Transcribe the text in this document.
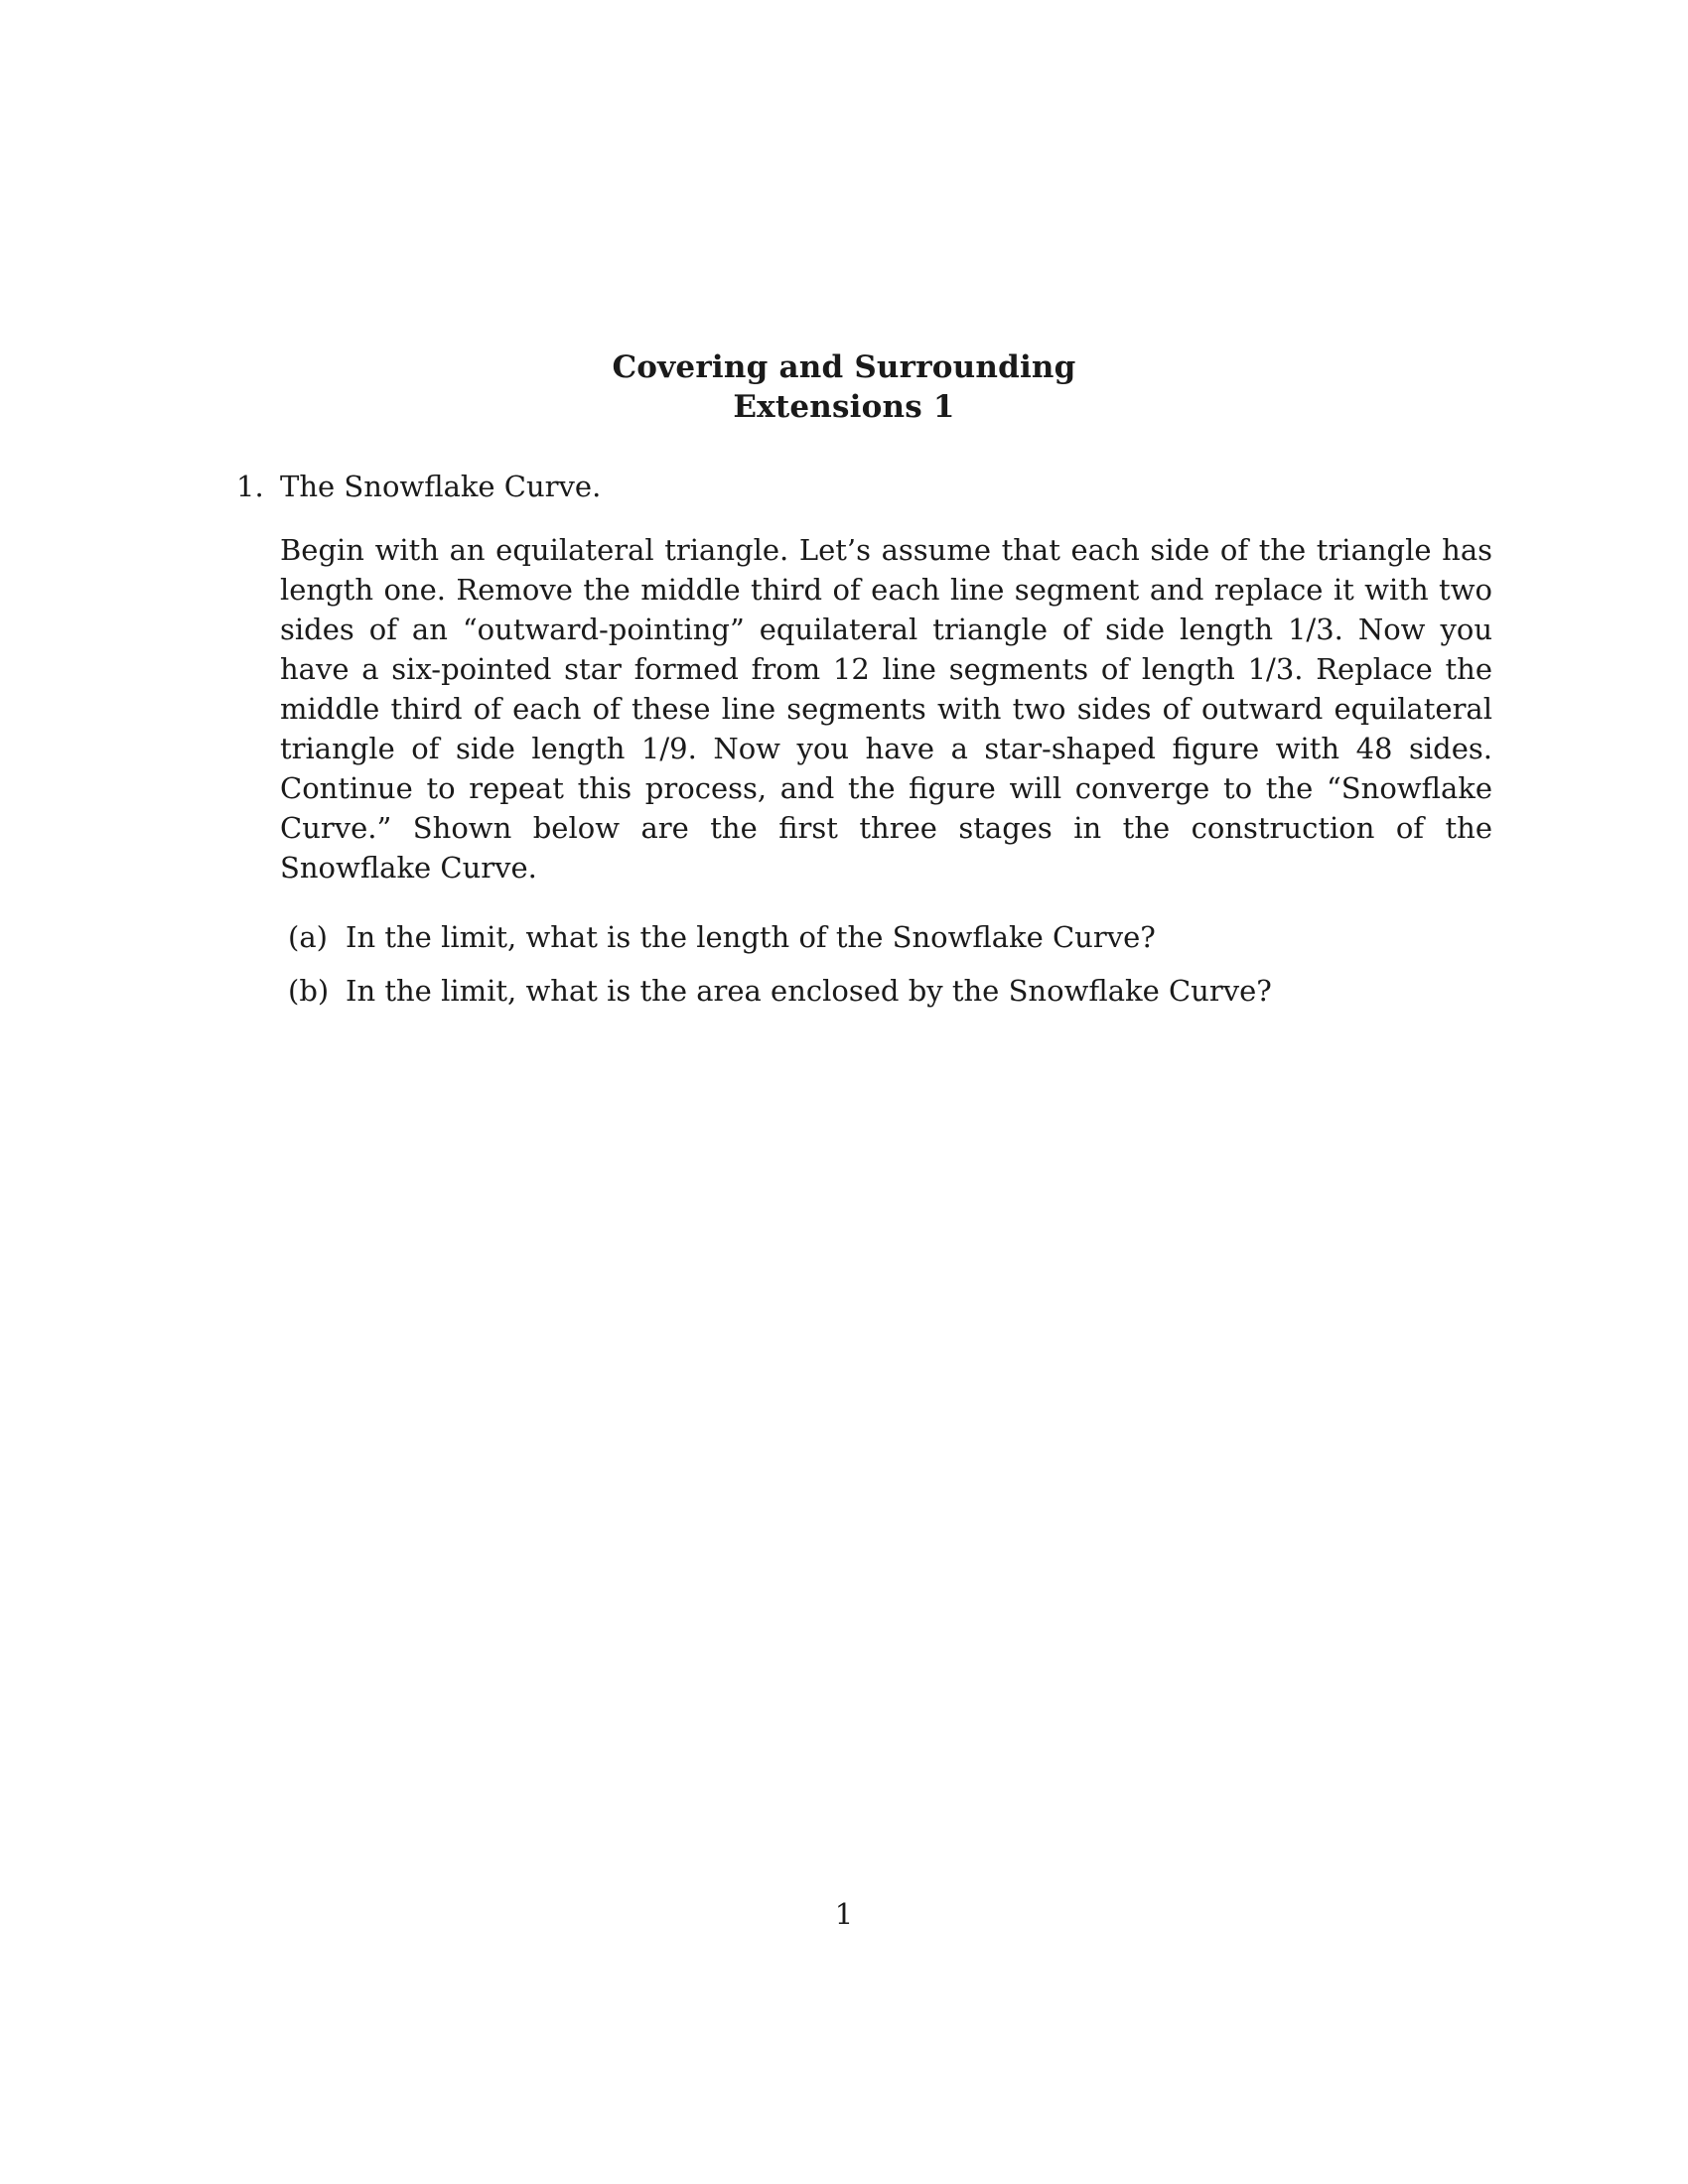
Covering and Surrounding
Extensions 1
1. The Snowflake Curve.
Begin with an equilateral triangle. Let’s assume that each side of the triangle has length one. Remove the middle third of each line segment and replace it with two sides of an “outward-pointing” equilateral triangle of side length 1/3. Now you have a six-pointed star formed from 12 line segments of length 1/3. Replace the middle third of each of these line segments with two sides of outward equilateral triangle of side length 1/9. Now you have a star-shaped figure with 48 sides. Continue to repeat this process, and the figure will converge to the “Snowflake Curve.” Shown below are the first three stages in the construction of the Snowflake Curve.
(a) In the limit, what is the length of the Snowflake Curve?
(b) In the limit, what is the area enclosed by the Snowflake Curve?
1
